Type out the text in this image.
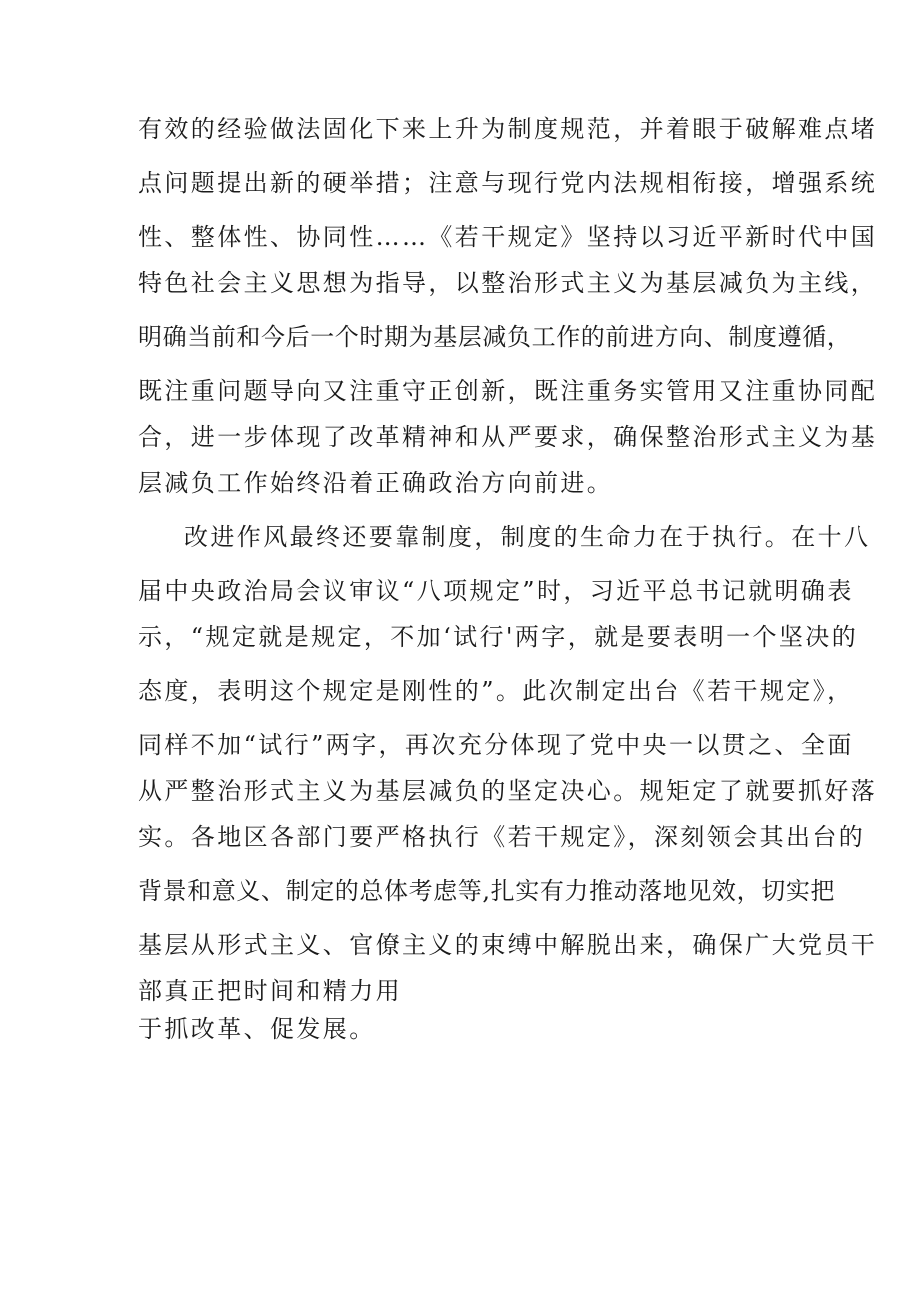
有效的经验做法固化下来上升为制度规范，并着眼于破解难点堵

点问题提出新的硬举措；注意与现行党内法规相衔接，增强系统

性、整体性、协同性……《若干规定》坚持以习近平新时代中国

特色社会主义思想为指导，以整治形式主义为基层减负为主线，

明确当前和今后一个时期为基层减负工作的前进方向、制度遵循，

既注重问题导向又注重守正创新，既注重务实管用又注重协同配

合，进一步体现了改革精神和从严要求，确保整治形式主义为基

层减负工作始终沿着正确政治方向前进。

改进作风最终还要靠制度，制度的生命力在于执行。在十八

届中央政治局会议审议“八项规定”时，习近平总书记就明确表

示，“规定就是规定，不加‘试行'两字，就是要表明一个坚决的

态度，表明这个规定是刚性的”。此次制定出台《若干规定》，

同样不加“试行”两字，再次充分体现了党中央一以贯之、全面

从严整治形式主义为基层减负的坚定决心。规矩定了就要抓好落

实。各地区各部门要严格执行《若干规定》，深刻领会其出台的

背景和意义、制定的总体考虑等,扎实有力推动落地见效，切实把

基层从形式主义、官僚主义的束缚中解脱出来，确保广大党员干

部真正把时间和精力用

于抓改革、促发展。
